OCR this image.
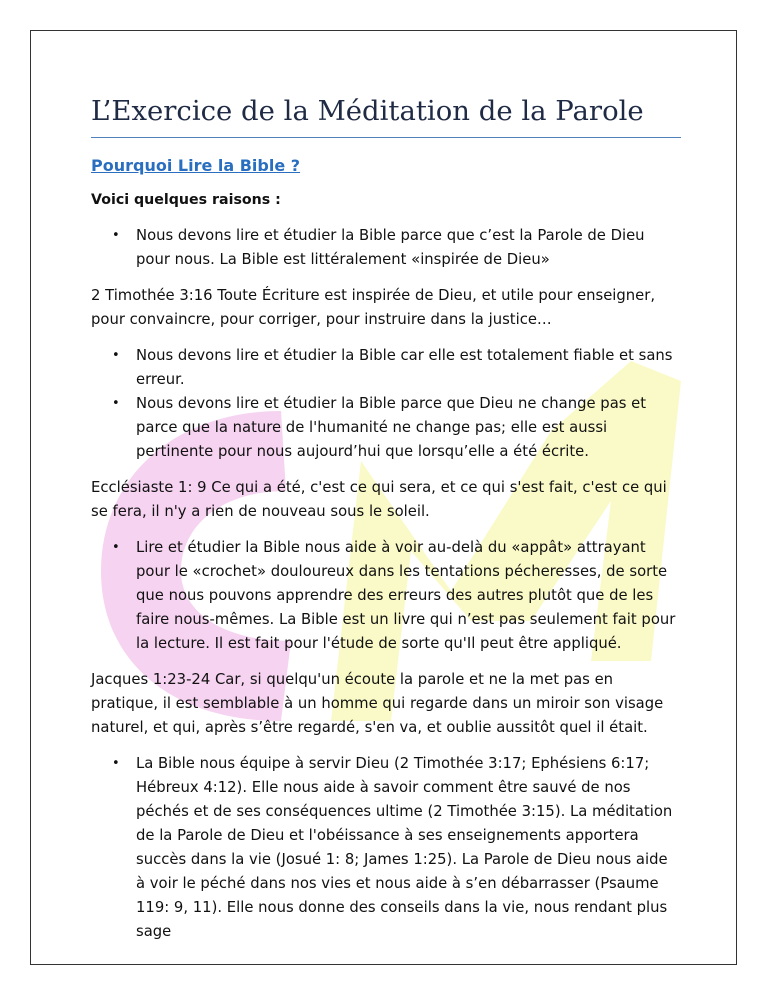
L’Exercice de la Méditation de la Parole
Pourquoi Lire la Bible ?
Voici quelques raisons :
• Nous devons lire et étudier la Bible parce que c’est la Parole de Dieu pour nous. La Bible est littéralement «inspirée de Dieu»

2 Timothée 3:16 Toute Écriture est inspirée de Dieu, et utile pour enseigner, pour convaincre, pour corriger, pour instruire dans la justice…

• Nous devons lire et étudier la Bible car elle est totalement fiable et sans erreur.
• Nous devons lire et étudier la Bible parce que Dieu ne change pas et parce que la nature de l'humanité ne change pas; elle est aussi pertinente pour nous aujourd’hui que lorsqu’elle a été écrite.

Ecclésiaste 1: 9 Ce qui a été, c'est ce qui sera, et ce qui s'est fait, c'est ce qui se fera, il n'y a rien de nouveau sous le soleil.

• Lire et étudier la Bible nous aide à voir au-delà du «appât» attrayant pour le «crochet» douloureux dans les tentations pécheresses, de sorte que nous pouvons apprendre des erreurs des autres plutôt que de les faire nous-mêmes. La Bible est un livre qui n’est pas seulement fait pour la lecture. Il est fait pour l'étude de sorte qu'Il peut être appliqué.

Jacques 1:23-24 Car, si quelqu'un écoute la parole et ne la met pas en pratique, il est semblable à un homme qui regarde dans un miroir son visage naturel, et qui, après s’être regardé, s'en va, et oublie aussitôt quel il était.

• La Bible nous équipe à servir Dieu (2 Timothée 3:17; Ephésiens 6:17; Hébreux 4:12). Elle nous aide à savoir comment être sauvé de nos péchés et de ses conséquences ultime (2 Timothée 3:15). La méditation de la Parole de Dieu et l'obéissance à ses enseignements apportera succès dans la vie (Josué 1: 8; James 1:25). La Parole de Dieu nous aide à voir le péché dans nos vies et nous aide à s’en débarrasser (Psaume 119: 9, 11). Elle nous donne des conseils dans la vie, nous rendant plus sage
